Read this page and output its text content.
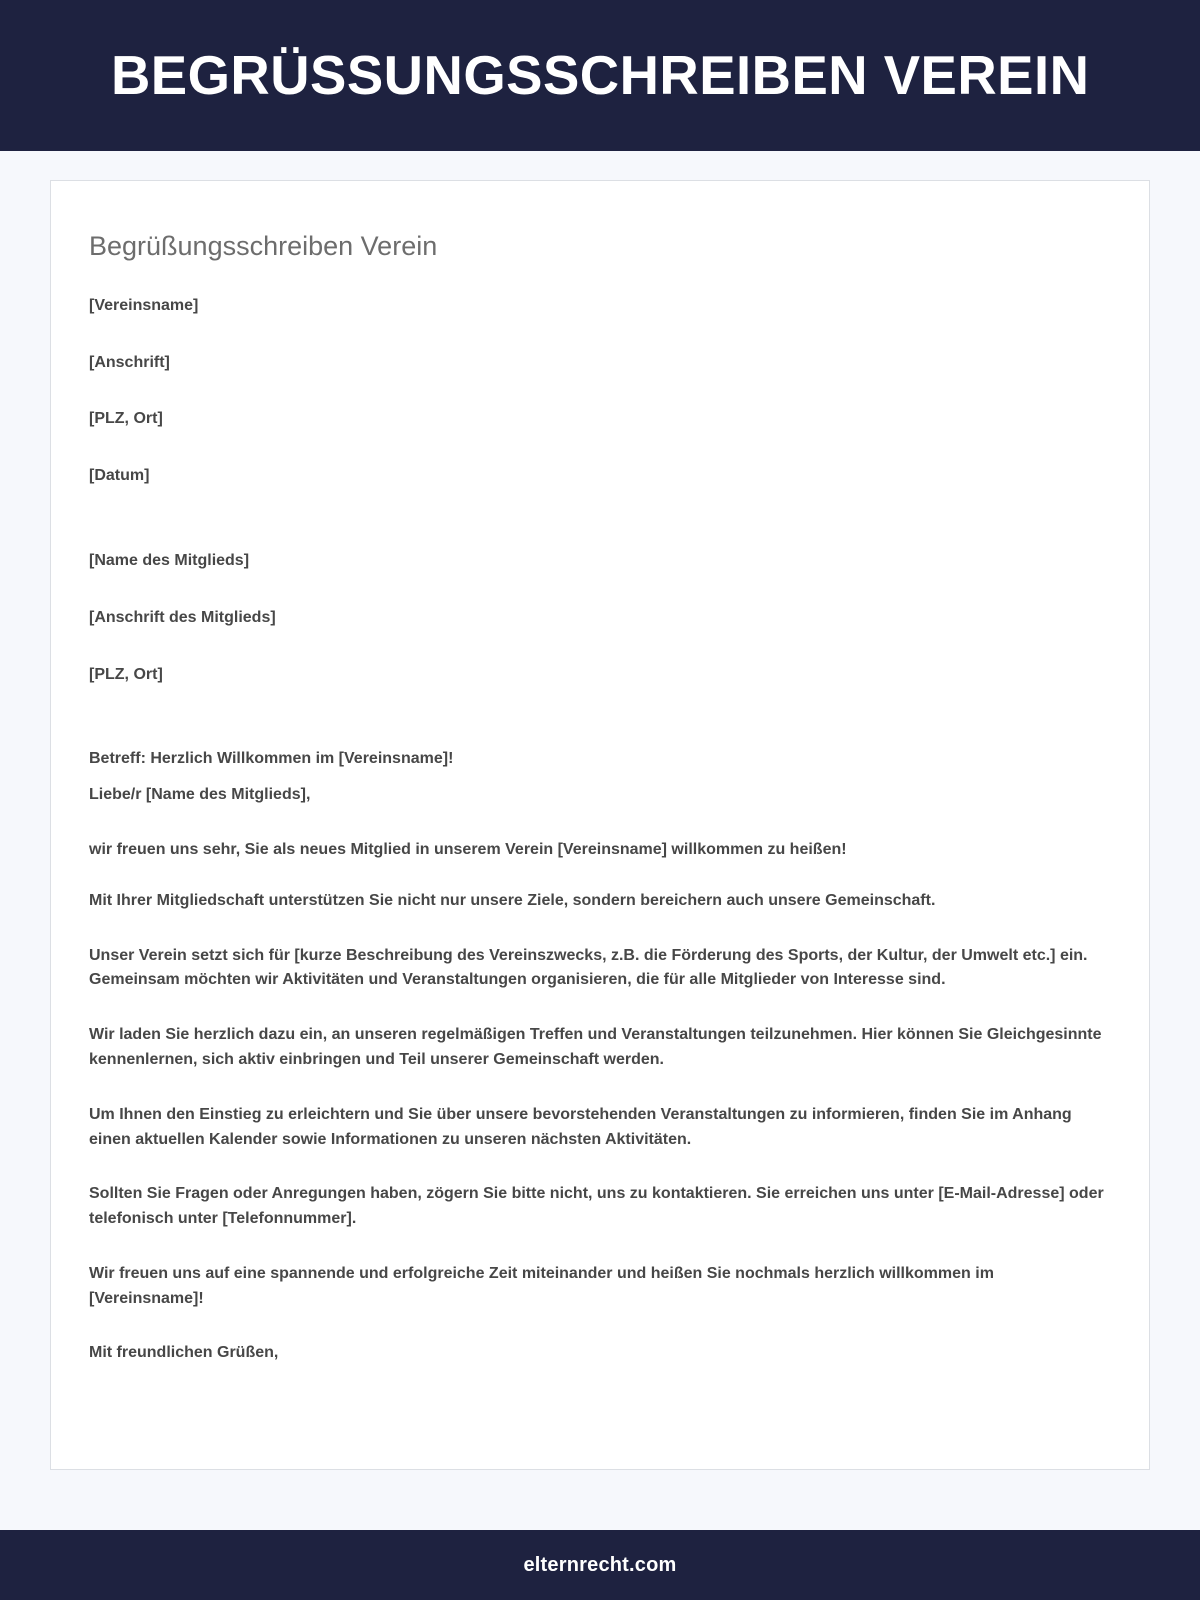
BEGRÜSSUNGSSCHREIBEN VEREIN
Begrüßungsschreiben Verein

[Vereinsname]

[Anschrift]

[PLZ, Ort]

[Datum]

[Name des Mitglieds]

[Anschrift des Mitglieds]

[PLZ, Ort]

Betreff: Herzlich Willkommen im [Vereinsname]!

Liebe/r [Name des Mitglieds],

wir freuen uns sehr, Sie als neues Mitglied in unserem Verein [Vereinsname] willkommen zu heißen!

Mit Ihrer Mitgliedschaft unterstützen Sie nicht nur unsere Ziele, sondern bereichern auch unsere Gemeinschaft.

Unser Verein setzt sich für [kurze Beschreibung des Vereinszwecks, z.B. die Förderung des Sports, der Kultur, der Umwelt etc.] ein. Gemeinsam möchten wir Aktivitäten und Veranstaltungen organisieren, die für alle Mitglieder von Interesse sind.

Wir laden Sie herzlich dazu ein, an unseren regelmäßigen Treffen und Veranstaltungen teilzunehmen. Hier können Sie Gleichgesinnte kennenlernen, sich aktiv einbringen und Teil unserer Gemeinschaft werden.

Um Ihnen den Einstieg zu erleichtern und Sie über unsere bevorstehenden Veranstaltungen zu informieren, finden Sie im Anhang einen aktuellen Kalender sowie Informationen zu unseren nächsten Aktivitäten.

Sollten Sie Fragen oder Anregungen haben, zögern Sie bitte nicht, uns zu kontaktieren. Sie erreichen uns unter [E-Mail-Adresse] oder telefonisch unter [Telefonnummer].

Wir freuen uns auf eine spannende und erfolgreiche Zeit miteinander und heißen Sie nochmals herzlich willkommen im [Vereinsname]!

Mit freundlichen Grüßen,

elternrecht.com
